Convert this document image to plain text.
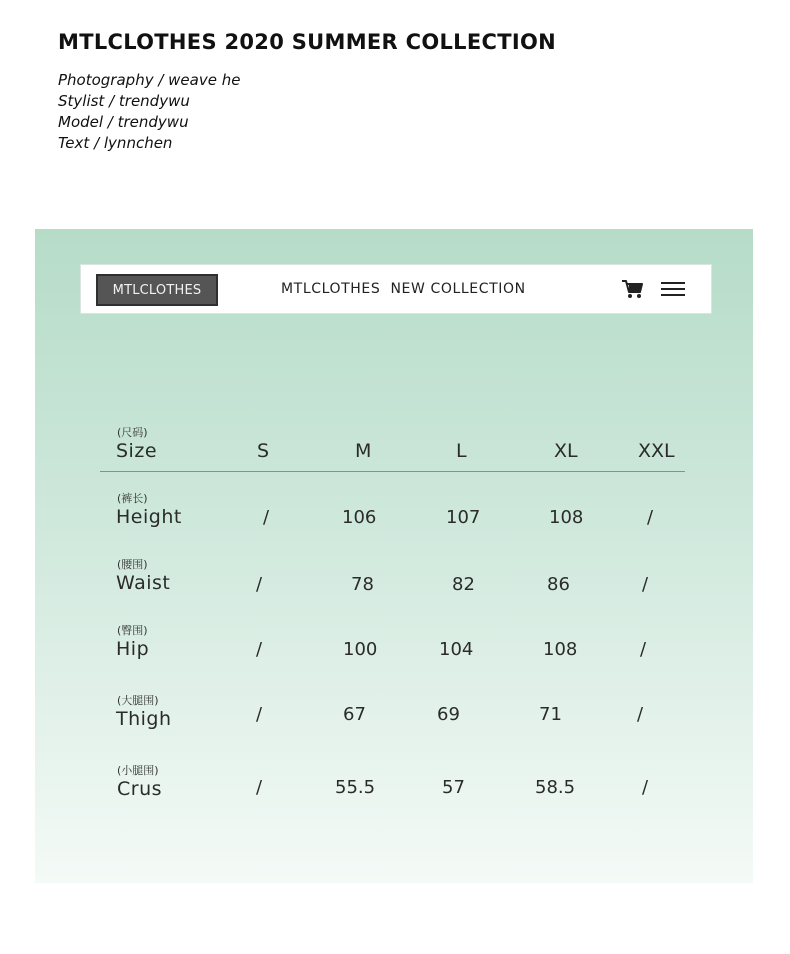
MTLCLOTHES 2020 SUMMER COLLECTION
Photography / weave he
Stylist / trendywu
Model / trendywu
Text / lynnchen
MTLCLOTHES	MTLCLOTHES  NEW COLLECTION
(尺码)
Size	S	M	L	XL	XXL
(裤长)
Height	/	106	107	108	/
(腰围)
Waist	/	78	82	86	/
(臀围)
Hip	/	100	104	108	/
(大腿围)
Thigh	/	67	69	71	/
(小腿围)
Crus	/	55.5	57	58.5	/
